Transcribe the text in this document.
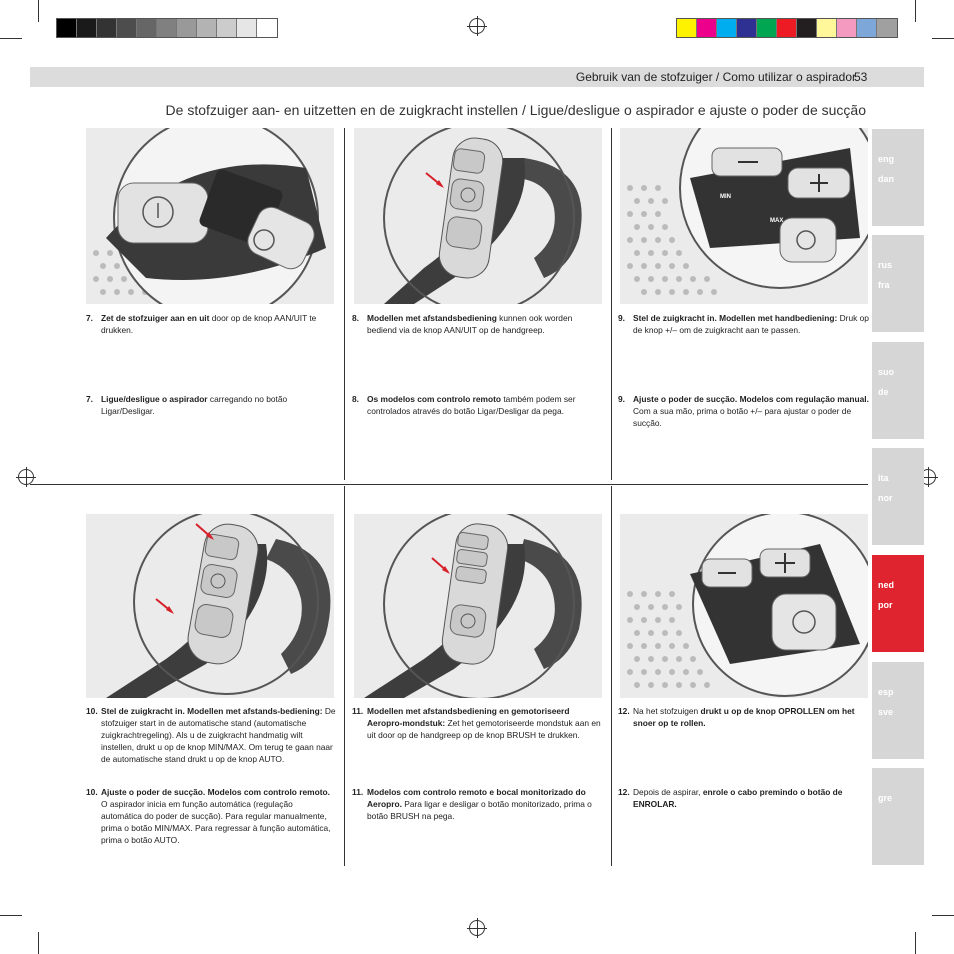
Gebruik van de stofzuiger / Como utilizar o aspirador
53
De stofzuiger aan- en uitzetten en de zuigkracht instellen / Ligue/desligue o aspirador e ajuste o poder de sucção
MIN
MAX
7. Zet de stofzuiger aan en uit door op de knop AAN/UIT te drukken.
7. Ligue/desligue o aspirador carregando no botão Ligar/Desligar.
8. Modellen met afstandsbediening kunnen ook worden bediend via de knop AAN/UIT op de handgreep.
8. Os modelos com controlo remoto também podem ser controlados através do botão Ligar/Desligar da pega.
9. Stel de zuigkracht in. Modellen met handbediening: Druk op de knop +/– om de zuigkracht aan te passen.
9. Ajuste o poder de sucção. Modelos com regulação manual. Com a sua mão, prima o botão +/– para ajustar o poder de sucção.
10. Stel de zuigkracht in. Modellen met afstands-bediening: De stofzuiger start in de automatische stand (automatische zuigkrachtregeling). Als u de zuigkracht handmatig wilt instellen, drukt u op de knop MIN/MAX. Om terug te gaan naar de automatische stand drukt u op de knop AUTO.
10. Ajuste o poder de sucção. Modelos com controlo remoto. O aspirador inicia em função automática (regulação automática do poder de sucção). Para regular manualmente, prima o botão MIN/MAX. Para regressar à função automática, prima o botão AUTO.
11. Modellen met afstandsbediening en gemotoriseerd Aeropro-mondstuk: Zet het gemotoriseerde mondstuk aan en uit door op de handgreep op de knop BRUSH te drukken.
11. Modelos com controlo remoto e bocal monitorizado do Aeropro. Para ligar e desligar o botão monitorizado, prima o botão BRUSH na pega.
12. Na het stofzuigen drukt u op de knop OPROLLEN om het snoer op te rollen.
12. Depois de aspirar, enrole o cabo premindo o botão de ENROLAR.
eng
dan
rus
fra
suo
de
ita
nor
ned
por
esp
sve
gre
